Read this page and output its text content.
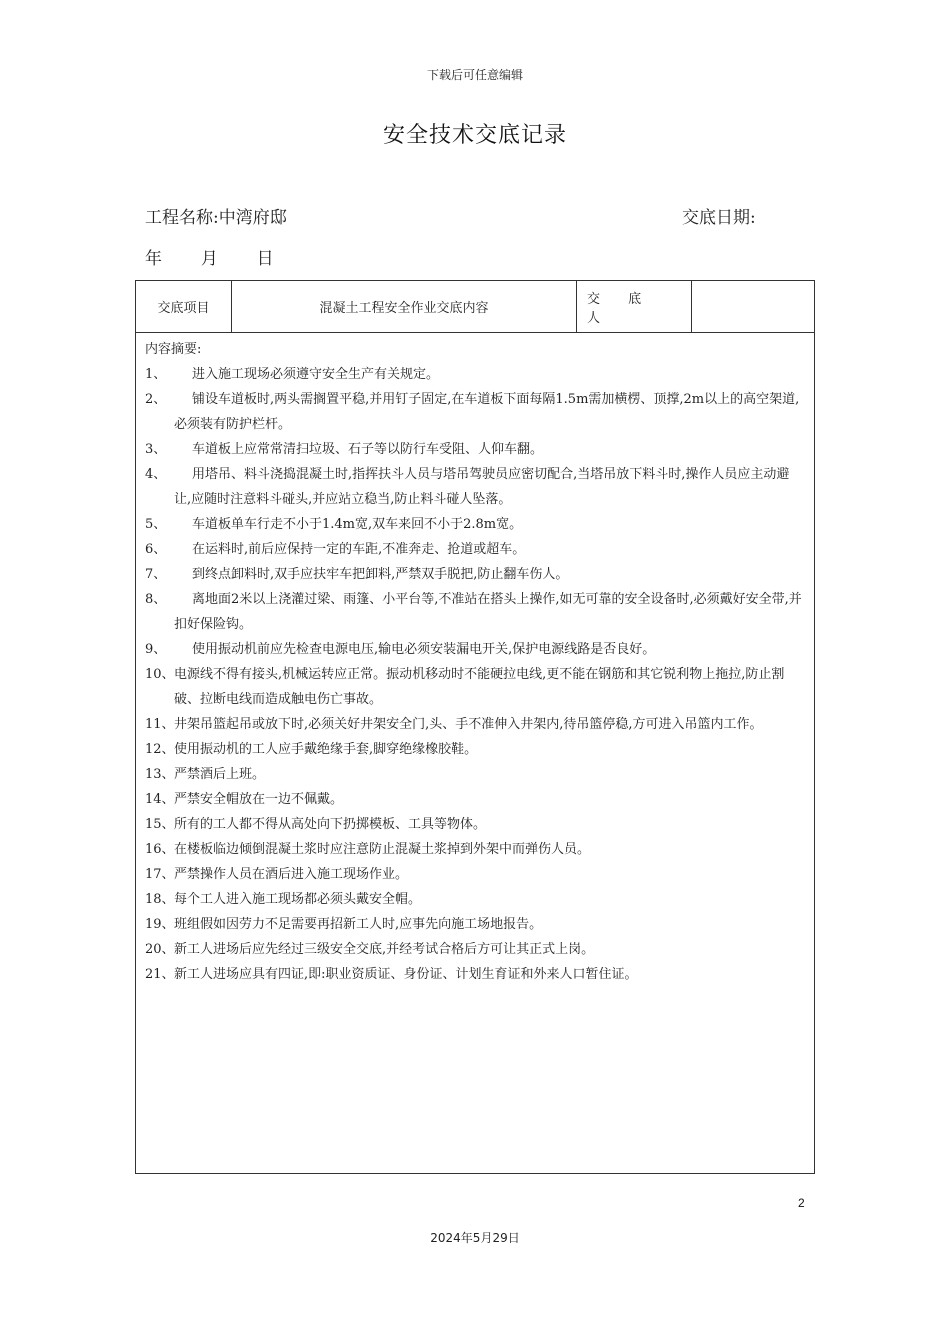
下载后可任意编辑
安全技术交底记录
工程名称:中湾府邸	交底日期:
年 月 日
交底项目	混凝土工程安全作业交底内容
交 底 人

内容摘要:

1、 进入施工现场必须遵守安全生产有关规定。

2、 铺设车道板时,两头需搁置平稳,并用钉子固定,在车道板下面每隔1.5m需加横楞、顶撑,2m以上的高空架道,必须装有防护栏杆。

3、 车道板上应常常清扫垃圾、石子等以防行车受阻、人仰车翻。

4、 用塔吊、料斗浇捣混凝土时,指挥扶斗人员与塔吊驾驶员应密切配合,当塔吊放下料斗时,操作人员应主动避让,应随时注意料斗碰头,并应站立稳当,防止料斗碰人坠落。

5、 车道板单车行走不小于1.4m宽,双车来回不小于2.8m宽。

6、 在运料时,前后应保持一定的车距,不准奔走、抢道或超车。

7、 到终点卸料时,双手应扶牢车把卸料,严禁双手脱把,防止翻车伤人。

8、 离地面2米以上浇灌过梁、雨篷、小平台等,不准站在搭头上操作,如无可靠的安全设备时,必须戴好安全带,并扣好保险钩。

9、 使用振动机前应先检查电源电压,输电必须安装漏电开关,保护电源线路是否良好。

10、 电源线不得有接头,机械运转应正常。振动机移动时不能硬拉电线,更不能在钢筋和其它锐利物上拖拉,防止割破、拉断电线而造成触电伤亡事故。

11、 井架吊篮起吊或放下时,必须关好井架安全门,头、手不准伸入井架内,待吊篮停稳,方可进入吊篮内工作。

12、 使用振动机的工人应手戴绝缘手套,脚穿绝缘橡胶鞋。

13、 严禁酒后上班。

14、 严禁安全帽放在一边不佩戴。

15、 所有的工人都不得从高处向下扔掷模板、工具等物体。

16、 在楼板临边倾倒混凝土浆时应注意防止混凝土浆掉到外架中而弹伤人员。

17、 严禁操作人员在酒后进入施工现场作业。

18、 每个工人进入施工现场都必须头戴安全帽。

19、 班组假如因劳力不足需要再招新工人时,应事先向施工场地报告。

20、 新工人进场后应先经过三级安全交底,并经考试合格后方可让其正式上岗。

21、 新工人进场应具有四证,即:职业资质证、身份证、计划生育证和外来人口暂住证。

2
2024年5月29日
